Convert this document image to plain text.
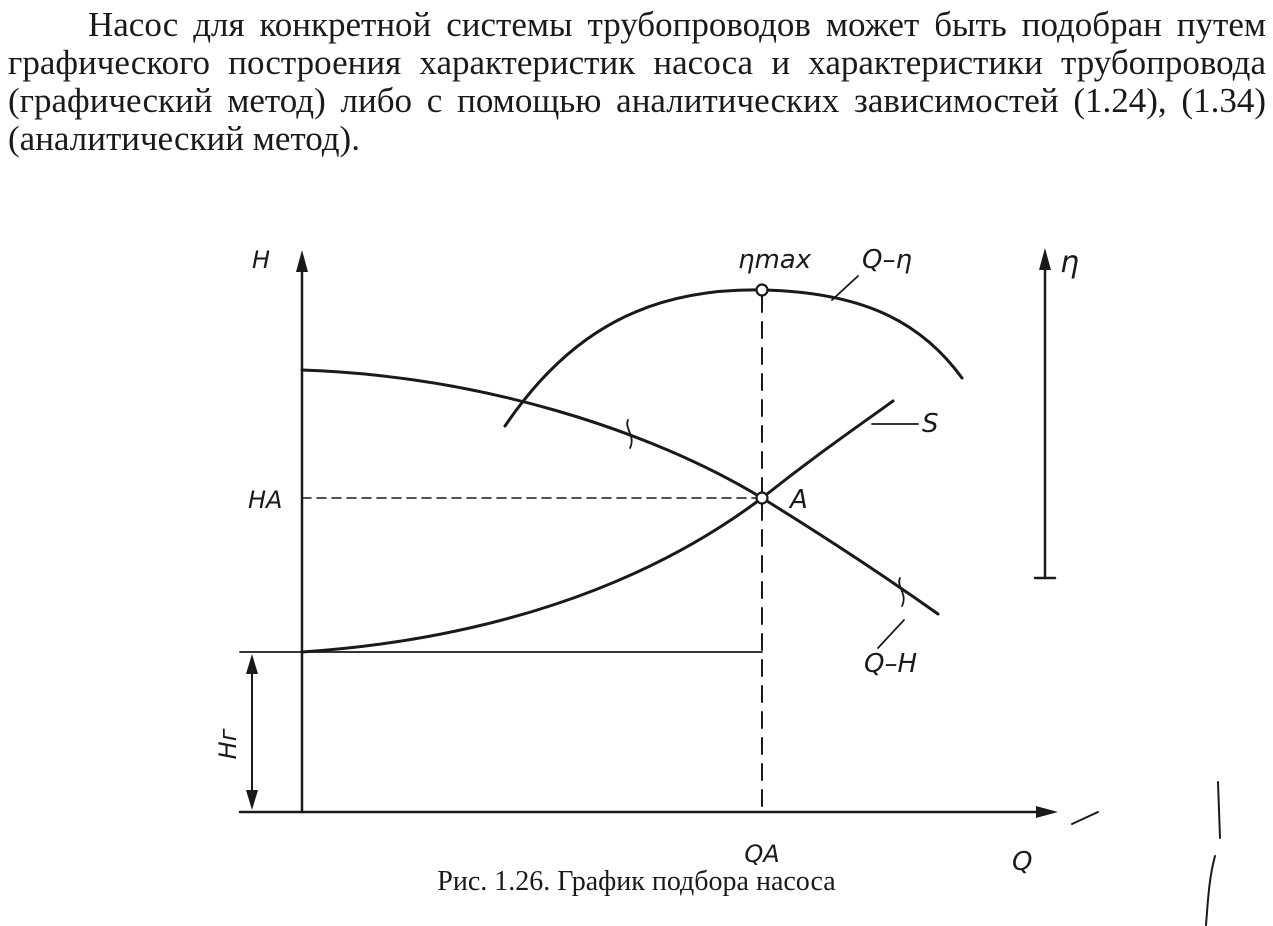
Насос для конкретной системы трубопроводов может быть подобран путем графического построения характеристик насоса и характеристики трубопровода (графический метод) либо с помощью аналитических зависимостей (1.24), (1.34) (аналитический метод).

H	ηmax Q–η	η
S
HA	A
Q–H
Hг
QA	Q
Рис. 1.26. График подбора насоса
